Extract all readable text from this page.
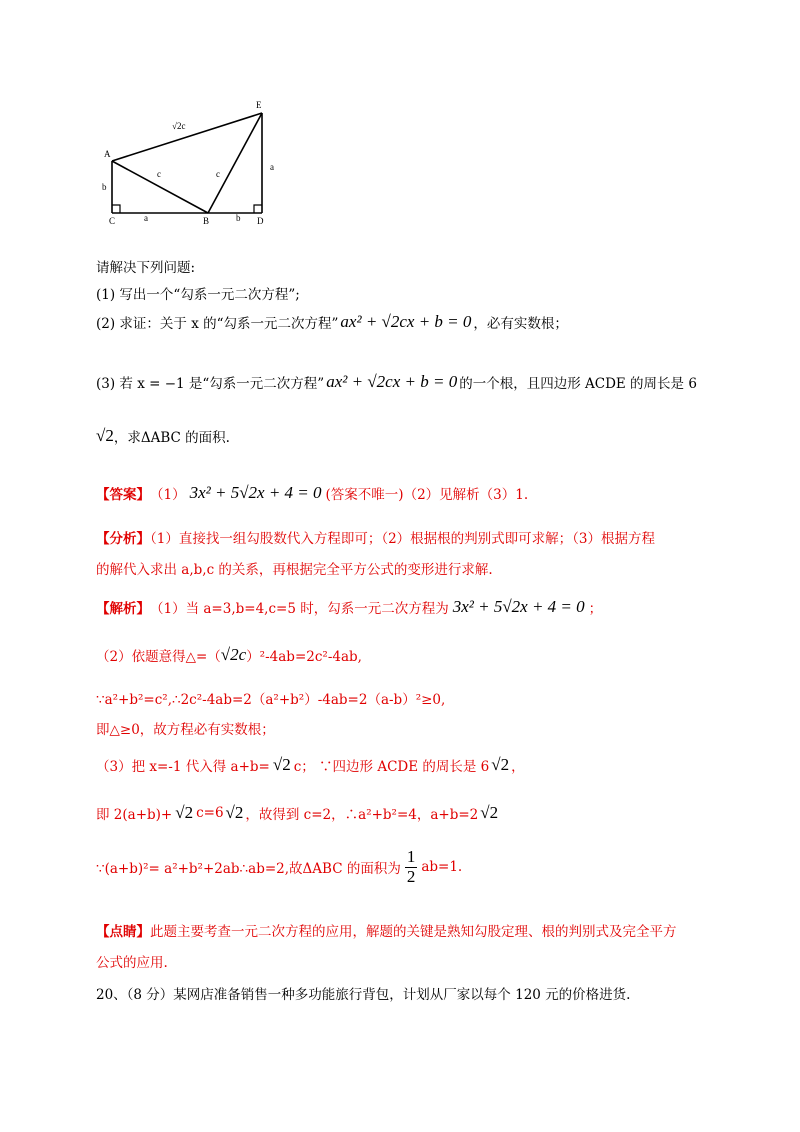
E
A
C	B	D
a	b
b
a
c	c
√2c
请解决下列问题:
(1) 写出一个“勾系一元二次方程”;
(2) 求证：关于 x 的“勾系一元二次方程” ax² + √2cx + b = 0 ，必有实数根；
(3) 若 x = −1 是“勾系一元二次方程” ax² + √2cx + b = 0 的一个根，且四边形 ACDE 的周长是 6
√2 ，求ΔABC 的面积.
【答案】 （1） 3x² + 5√2x + 4 = 0 (答案不唯一)（2）见解析（3）1.
【分析】（1）直接找一组勾股数代入方程即可；（2）根据根的判别式即可求解；（3）根据方程
的解代入求出 a,b,c 的关系，再根据完全平方公式的变形进行求解.
【解析】 （1）当 a=3,b=4,c=5 时，勾系一元二次方程为 3x² + 5√2x + 4 = 0 ；
（2）依题意得△=（ √2c ）²-4ab=2c²-4ab,
∵a²+b²=c²,∴2c²-4ab=2（a²+b²）-4ab=2（a-b）²≥0,
即△≥0，故方程必有实数根；
（3）把 x=-1 代入得 a+b= √2 c； ∵四边形 ACDE 的周长是 6 √2 ，
即 2(a+b)+ √2 c=6 √2 ，故得到 c=2，∴a²+b²=4，a+b=2 √2
∵(a+b)²= a²+b²+2ab∴ab=2,故ΔABC 的面积为 $\frac{1}{2} ab=1$.
【点睛】此题主要考查一元二次方程的应用，解题的关键是熟知勾股定理、根的判别式及完全平方
公式的应用.
20、（8 分）某网店准备销售一种多功能旅行背包，计划从厂家以每个 120 元的价格进货.
